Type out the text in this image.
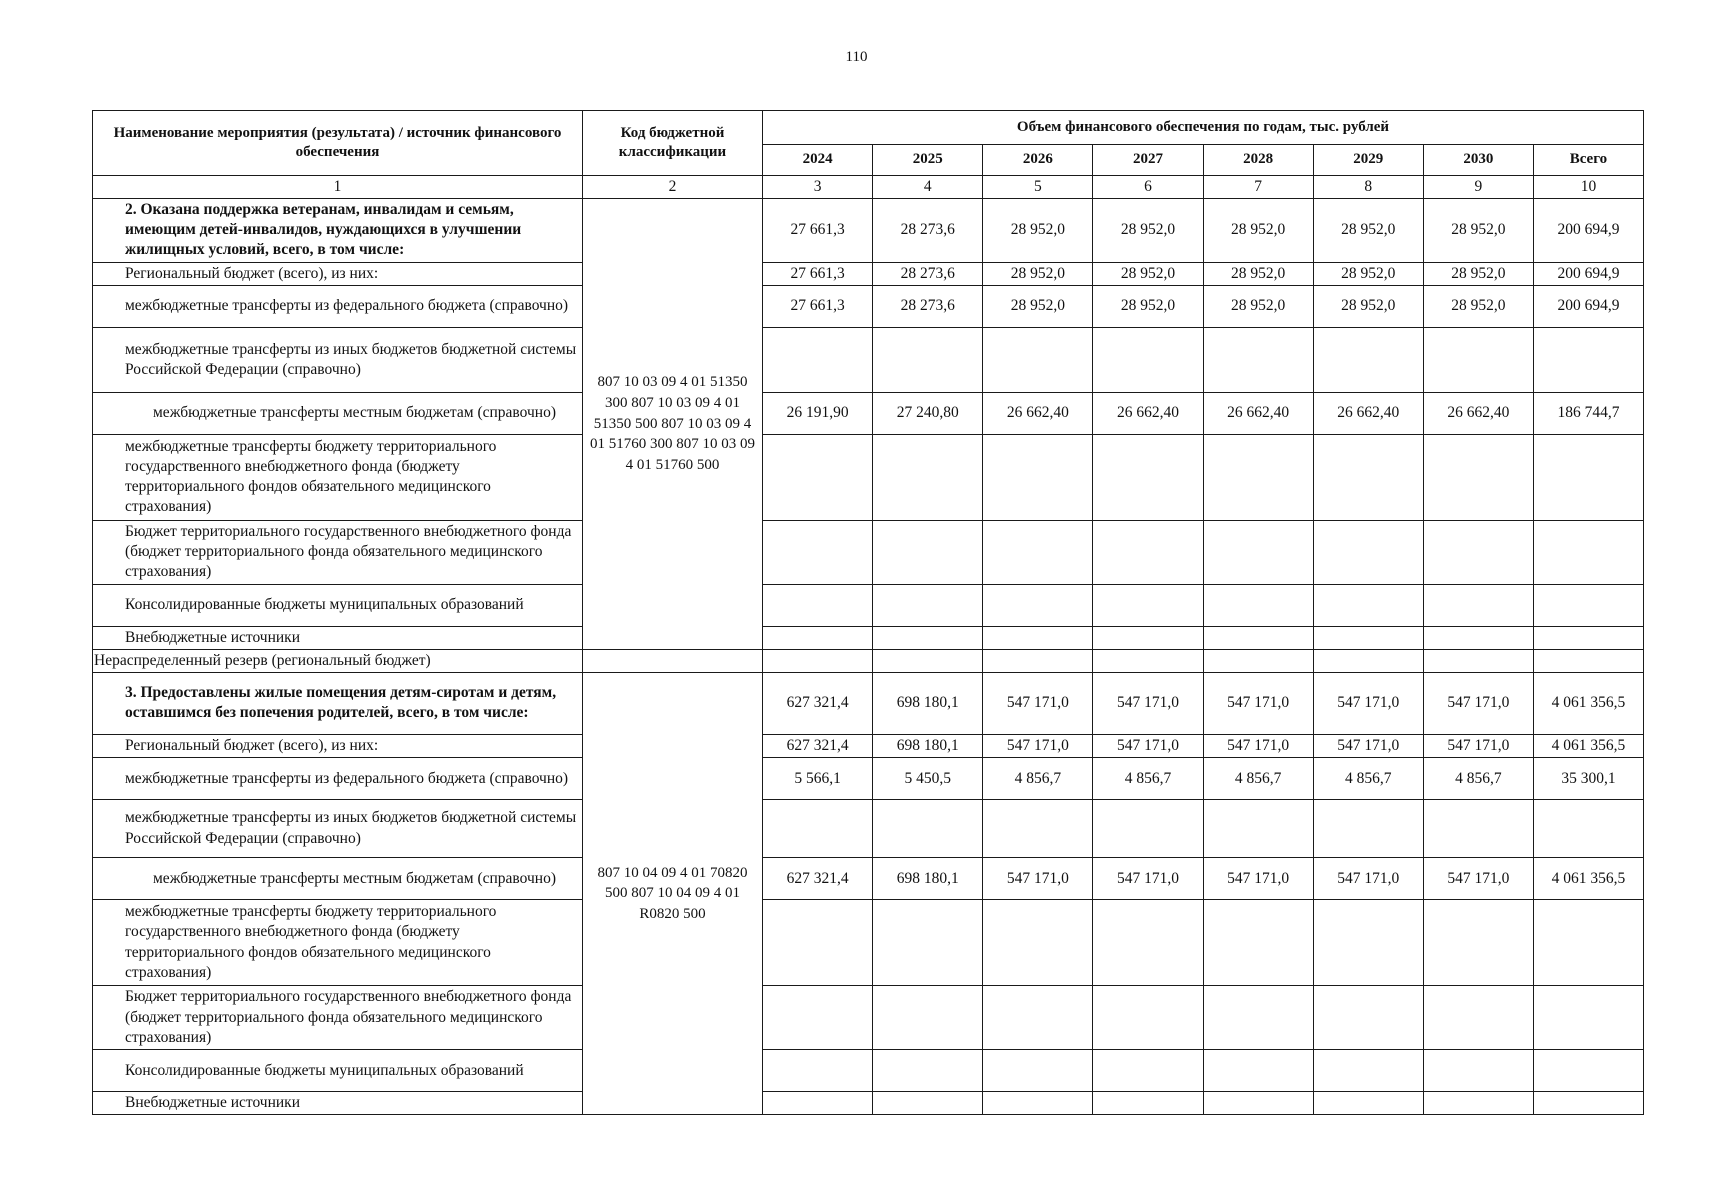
110
Наименование мероприятия (результата) / источник финансового обеспечения	Код бюджетной классификации	Объем финансового обеспечения по годам, тыс. рублей							
		2024	2025	2026	2027	2028	2029	2030	Всего
1	2	3	4	5	6	7	8	9	10
2. Оказана поддержка ветеранам, инвалидам и семьям, имеющим детей-инвалидов, нуждающихся в улучшении жилищных условий, всего, в том числе:	807 10 03 09 4 01 51350 300 807 10 03 09 4 01 51350 500 807 10 03 09 4 01 51760 300 807 10 03 09 4 01 51760 500	27 661,3	28 273,6	28 952,0	28 952,0	28 952,0	28 952,0	28 952,0	200 694,9
Региональный бюджет (всего), из них:		27 661,3	28 273,6	28 952,0	28 952,0	28 952,0	28 952,0	28 952,0	200 694,9
межбюджетные трансферты из федерального бюджета (справочно)		27 661,3	28 273,6	28 952,0	28 952,0	28 952,0	28 952,0	28 952,0	200 694,9
межбюджетные трансферты из иных бюджетов бюджетной системы Российской Федерации (справочно)									
межбюджетные трансферты местным бюджетам (справочно)		26 191,90	27 240,80	26 662,40	26 662,40	26 662,40	26 662,40	26 662,40	186 744,7
межбюджетные трансферты бюджету территориального государственного внебюджетного фонда (бюджету территориального фондов обязательного медицинского страхования)									
Бюджет территориального государственного внебюджетного фонда (бюджет территориального фонда обязательного медицинского страхования)									
Консолидированные бюджеты муниципальных образований									
Внебюджетные источники									
Нераспределенный резерв (региональный бюджет)									
3. Предоставлены жилые помещения детям-сиротам и детям, оставшимся без попечения родителей, всего, в том числе:	807 10 04 09 4 01 70820 500 807 10 04 09 4 01 R0820 500	627 321,4	698 180,1	547 171,0	547 171,0	547 171,0	547 171,0	547 171,0	4 061 356,5
Региональный бюджет (всего), из них:		627 321,4	698 180,1	547 171,0	547 171,0	547 171,0	547 171,0	547 171,0	4 061 356,5
межбюджетные трансферты из федерального бюджета (справочно)		5 566,1	5 450,5	4 856,7	4 856,7	4 856,7	4 856,7	4 856,7	35 300,1
межбюджетные трансферты из иных бюджетов бюджетной системы Российской Федерации (справочно)									
межбюджетные трансферты местным бюджетам (справочно)		627 321,4	698 180,1	547 171,0	547 171,0	547 171,0	547 171,0	547 171,0	4 061 356,5
межбюджетные трансферты бюджету территориального государственного внебюджетного фонда (бюджету территориального фондов обязательного медицинского страхования)									
Бюджет территориального государственного внебюджетного фонда (бюджет территориального фонда обязательного медицинского страхования)									
Консолидированные бюджеты муниципальных образований									
Внебюджетные источники									
